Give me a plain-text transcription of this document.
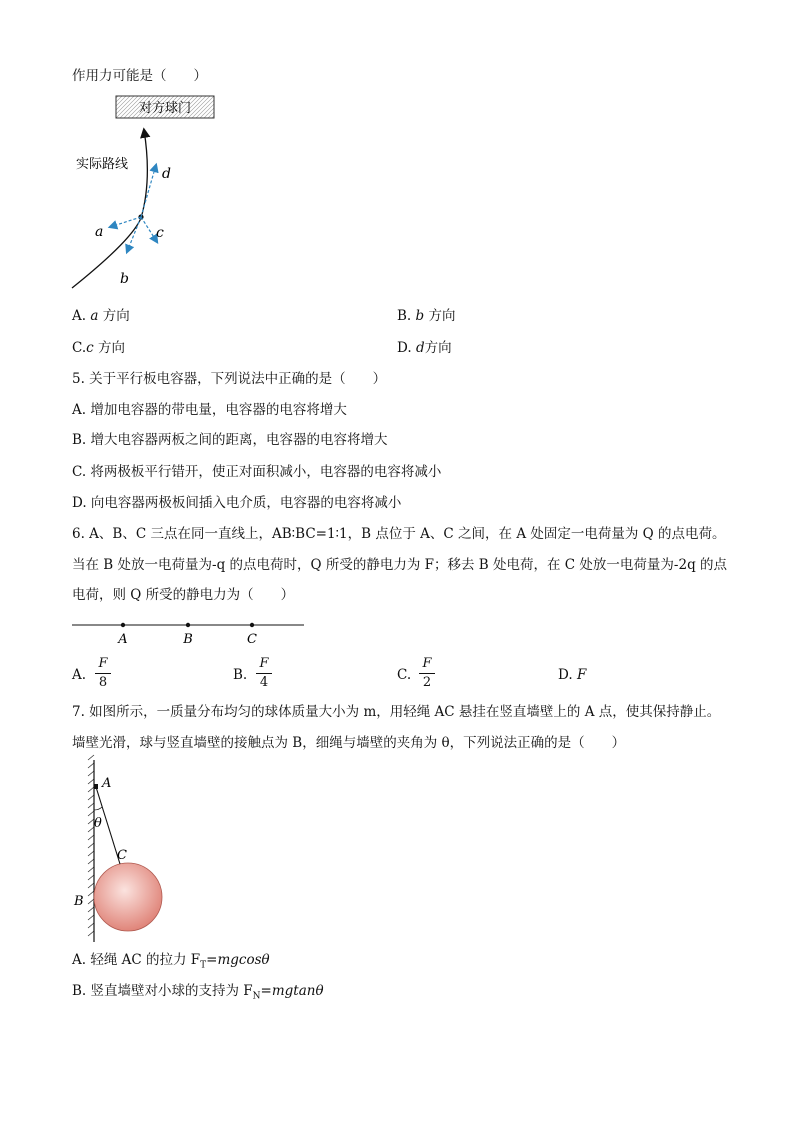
作用力可能是（　　）
对方球门
实际路线
a
b
c
d
A. a 方向	B. b 方向
C.c 方向	D. d方向
5. 关于平行板电容器，下列说法中正确的是（　　）
A. 增加电容器的带电量，电容器的电容将增大
B. 增大电容器两板之间的距离，电容器的电容将增大
C. 将两极板平行错开，使正对面积减小，电容器的电容将减小
D. 向电容器两极板间插入电介质，电容器的电容将减小
6. A、B、C 三点在同一直线上，AB∶BC=1∶1，B 点位于 A、C 之间，在 A 处固定一电荷量为 Q 的点电荷。
当在 B 处放一电荷量为-q 的点电荷时，Q 所受的静电力为 F；移去 B 处电荷，在 C 处放一电荷量为-2q 的点
电荷，则 Q 所受的静电力为（　　）
A	B	C
A.
F
8	B.
F
4	C.
F
2	D. F
7. 如图所示，一质量分布均匀的球体质量大小为 m，用轻绳 AC 悬挂在竖直墙壁上的 A 点，使其保持静止。
墙壁光滑，球与竖直墙壁的接触点为 B，细绳与墙壁的夹角为 θ，下列说法正确的是（　　）
A
θ
C
B
A. 轻绳 AC 的拉力 $F_T=mgcos\theta$
B. 竖直墙壁对小球的支持为 $F_N=mgtan\theta$
